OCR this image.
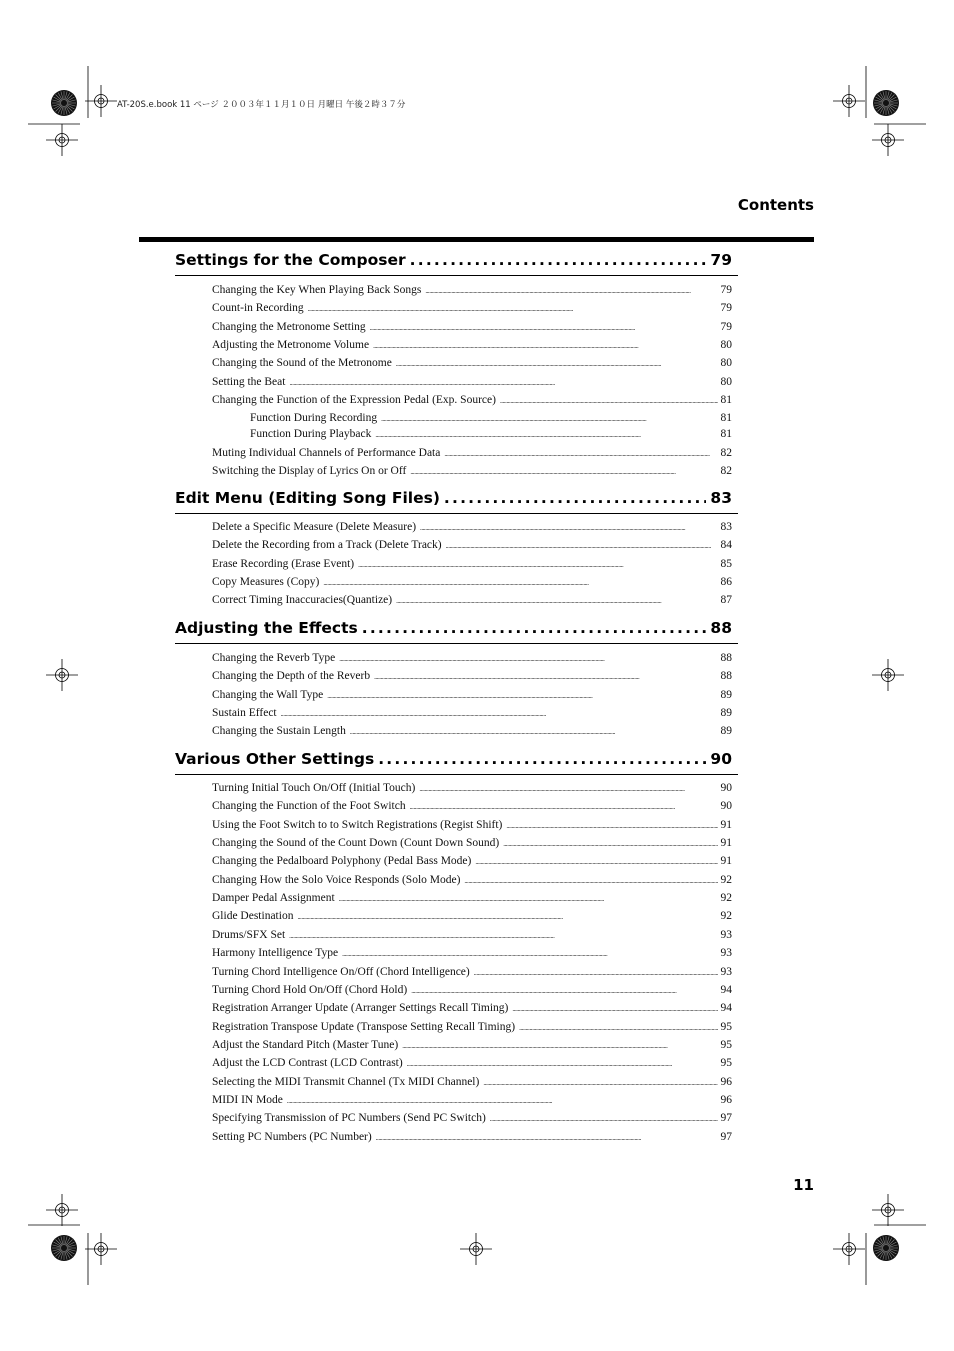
AT-20S.e.book 11 ページ ２００３年１１月１０日 月曜日 午後２時３７分
Contents
Settings for the Composer . . .	79
Changing the Key When Playing Back Songs . . .	79
Count-in Recording . . .	79
Changing the Metronome Setting . . .	79
Adjusting the Metronome Volume . . .	80
Changing the Sound of the Metronome . . .	80
Setting the Beat . . .	80
Changing the Function of the Expression Pedal (Exp. Source) . . .	81
Function During Recording . . .	81
Function During Playback . . .	81
Muting Individual Channels of Performance Data . . .	82
Switching the Display of Lyrics On or Off . . .	82
Edit Menu (Editing Song Files) . . .	83
Delete a Specific Measure (Delete Measure) . . .	83
Delete the Recording from a Track (Delete Track) . . .	84
Erase Recording (Erase Event) . . .	85
Copy Measures (Copy) . . .	86
Correct Timing Inaccuracies(Quantize) . . .	87
Adjusting the Effects . . .	88
Changing the Reverb Type . . .	88
Changing the Depth of the Reverb . . .	88
Changing the Wall Type . . .	89
Sustain Effect . . .	89
Changing the Sustain Length . . .	89
Various Other Settings . . .	90
Turning Initial Touch On/Off (Initial Touch) . . .	90
Changing the Function of the Foot Switch . . .	90
Using the Foot Switch to to Switch Registrations (Regist Shift) . . .	91
Changing the Sound of the Count Down (Count Down Sound) . . .	91
Changing the Pedalboard Polyphony (Pedal Bass Mode) . . .	91
Changing How the Solo Voice Responds (Solo Mode) . . .	92
Damper Pedal Assignment . . .	92
Glide Destination . . .	92
Drums/SFX Set . . .	93
Harmony Intelligence Type . . .	93
Turning Chord Intelligence On/Off (Chord Intelligence) . . .	93
Turning Chord Hold On/Off (Chord Hold) . . .	94
Registration Arranger Update (Arranger Settings Recall Timing) . . .	94
Registration Transpose Update (Transpose Setting Recall Timing) . . .	95
Adjust the Standard Pitch (Master Tune) . . .	95
Adjust the LCD Contrast (LCD Contrast) . . .	95
Selecting the MIDI Transmit Channel (Tx MIDI Channel) . . .	96
MIDI IN Mode . . .	96
Specifying Transmission of PC Numbers (Send PC Switch) . . .	97
Setting PC Numbers (PC Number) . . .	97
11
